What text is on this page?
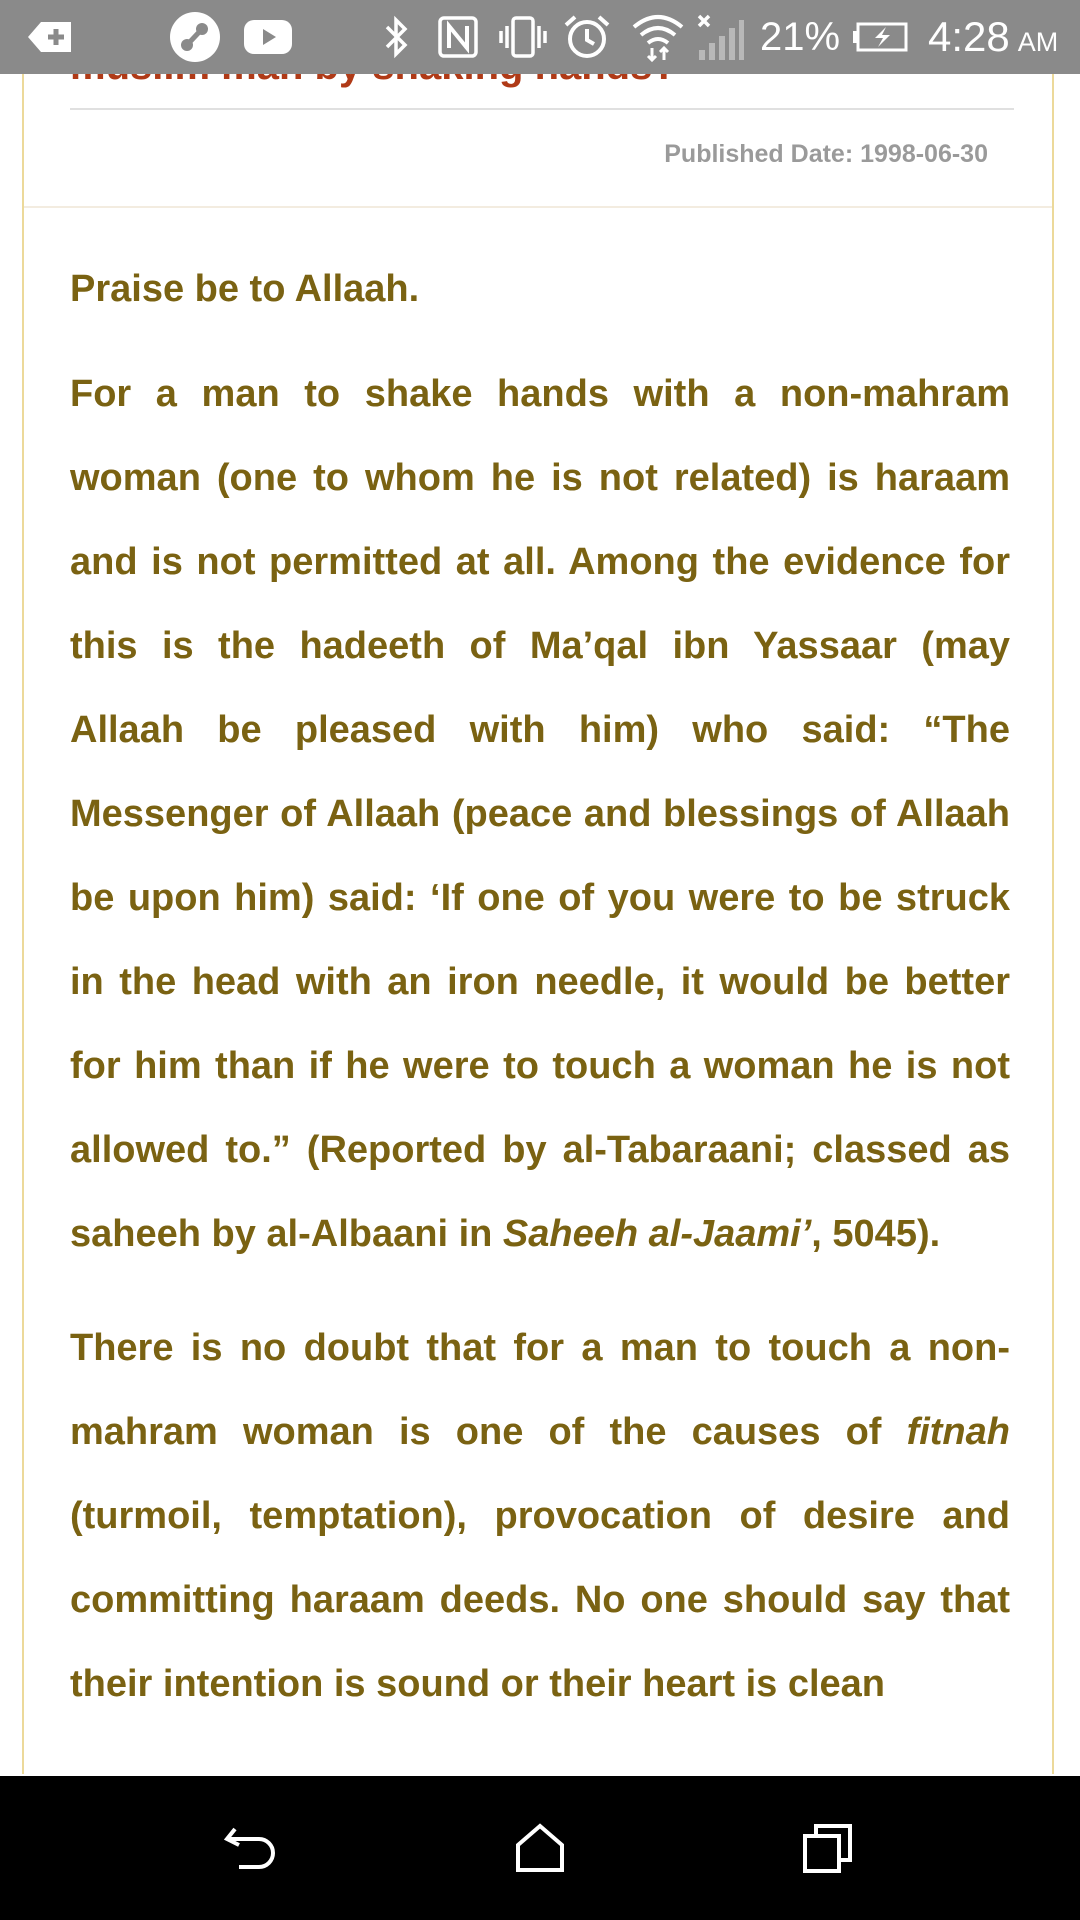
21% 4:28 AM
Published Date: 1998-06-30

Praise be to Allaah.

For a man to shake hands with a non-mahram woman (one to whom he is not related) is haraam and is not permitted at all. Among the evidence for this is the hadeeth of Ma’qal ibn Yassaar (may Allaah be pleased with him) who said: “The Messenger of Allaah (peace and blessings of Allaah be upon him) said: ‘If one of you were to be struck in the head with an iron needle, it would be better for him than if he were to touch a woman he is not allowed to.” (Reported by al-Tabaraani; classed as saheeh by al-Albaani in Saheeh al-Jaami’, 5045).

There is no doubt that for a man to touch a non-mahram woman is one of the causes of fitnah (turmoil, temptation), provocation of desire and committing haraam deeds. No one should say that their intention is sound or their heart is clean
